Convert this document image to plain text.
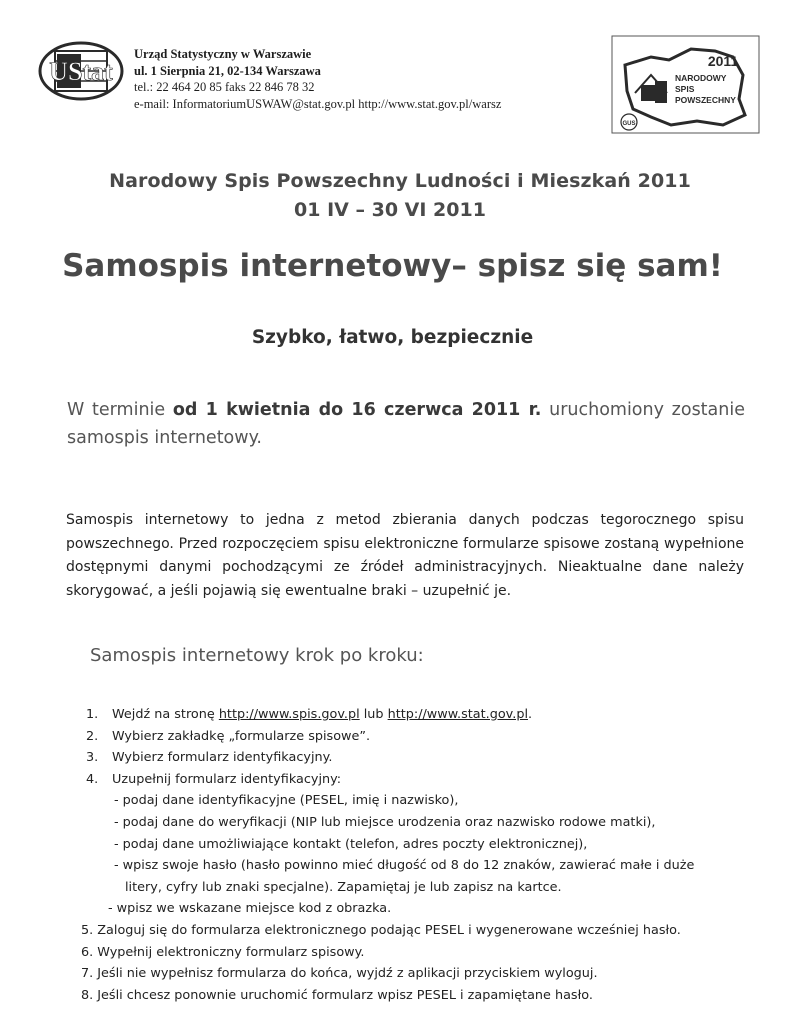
UStat
Urząd Statystyczny w Warszawie
ul. 1 Sierpnia 21, 02-134 Warszawa
tel.: 22 464 20 85 faks 22 846 78 32
e-mail: InformatoriumUSWAW@stat.gov.pl http://www.stat.gov.pl/warsz
2011
NARODOWY
SPIS
POWSZECHNY
GUS
Narodowy Spis Powszechny Ludności i Mieszkań 2011
01 IV – 30 VI 2011
Samospis internetowy– spisz się sam!
Szybko, łatwo, bezpiecznie
W terminie od 1 kwietnia do 16 czerwca 2011 r. uruchomiony zostanie samospis internetowy.
Samospis internetowy to jedna z metod zbierania danych podczas tegorocznego spisu powszechnego. Przed rozpoczęciem spisu elektroniczne formularze spisowe zostaną wypełnione dostępnymi danymi pochodzącymi ze źródeł administracyjnych. Nieaktualne dane należy skorygować, a jeśli pojawią się ewentualne braki – uzupełnić je.
Samospis internetowy krok po kroku:
1. Wejdź na stronę http://www.spis.gov.pl lub http://www.stat.gov.pl.
2. Wybierz zakładkę „formularze spisowe”.
3. Wybierz formularz identyfikacyjny.
4. Uzupełnij formularz identyfikacyjny:
- podaj dane identyfikacyjne (PESEL, imię i nazwisko),
- podaj dane do weryfikacji (NIP lub miejsce urodzenia oraz nazwisko rodowe matki),
- podaj dane umożliwiające kontakt (telefon, adres poczty elektronicznej),
- wpisz swoje hasło (hasło powinno mieć długość od 8 do 12 znaków, zawierać małe i duże
litery, cyfry lub znaki specjalne). Zapamiętaj je lub zapisz na kartce.
- wpisz we wskazane miejsce kod z obrazka.
5. Zaloguj się do formularza elektronicznego podając PESEL i wygenerowane wcześniej hasło.
6. Wypełnij elektroniczny formularz spisowy.
7. Jeśli nie wypełnisz formularza do końca, wyjdź z aplikacji przyciskiem wyloguj.
8. Jeśli chcesz ponownie uruchomić formularz wpisz PESEL i zapamiętane hasło.
